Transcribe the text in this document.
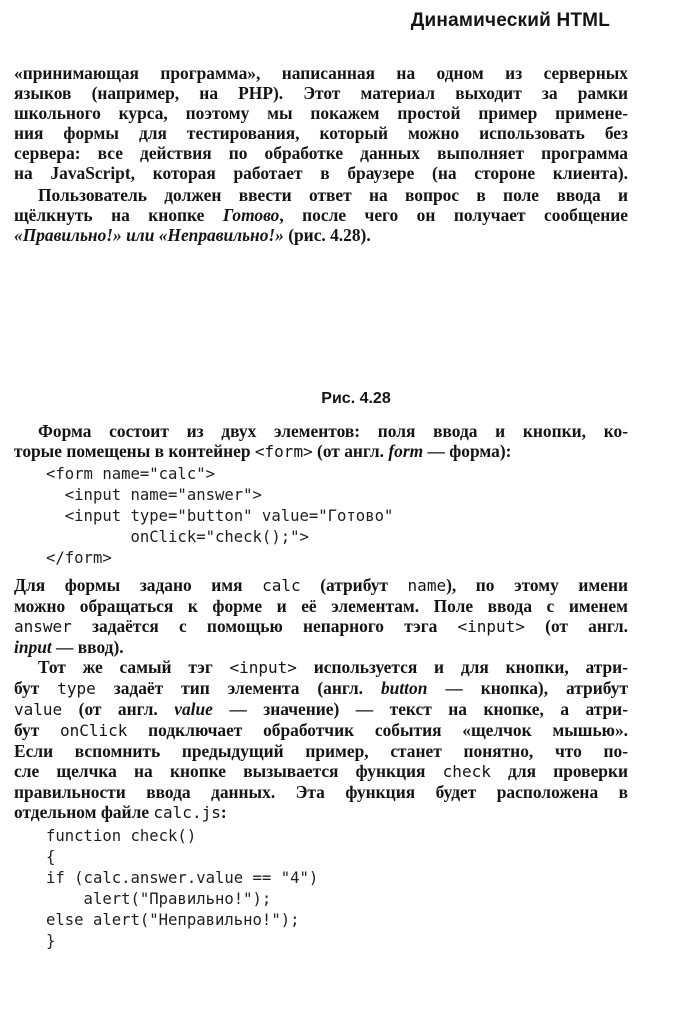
Динамический HTML
«принимающая программа», написанная на одном из серверных
языков (например, на PHP). Этот материал выходит за рамки
школьного курса, поэтому мы покажем простой пример примене-
ния формы для тестирования, который можно использовать без
сервера: все действия по обработке данных выполняет программа
на JavaScript, которая работает в браузере (на стороне клиента).
Пользователь должен ввести ответ на вопрос в поле ввода и
щёлкнуть на кнопке Готово, после чего он получает сообщение
«Правильно!» или «Неправильно!» (рис. 4.28).
Рис. 4.28
Форма состоит из двух элементов: поля ввода и кнопки, ко-
торые помещены в контейнер <form> (от англ. form — форма):
<form name="calc">
<input name="answer">
<input type="button" value="Готово"
onClick="check();">
</form>
Для формы задано имя calc (атрибут name), по этому имени
можно обращаться к форме и её элементам. Поле ввода с именем
answer задаётся с помощью непарного тэга <input> (от англ.
input — ввод).
Тот же самый тэг <input> используется и для кнопки, атри-
бут type задаёт тип элемента (англ. button — кнопка), атрибут
value (от англ. value — значение) — текст на кнопке, а атри-
бут onClick подключает обработчик события «щелчок мышью».
Если вспомнить предыдущий пример, станет понятно, что по-
сле щелчка на кнопке вызывается функция check для проверки
правильности ввода данных. Эта функция будет расположена в
отдельном файле calc.js:
function check()
{
if (calc.answer.value == "4")
alert("Правильно!");
else alert("Неправильно!");
}
